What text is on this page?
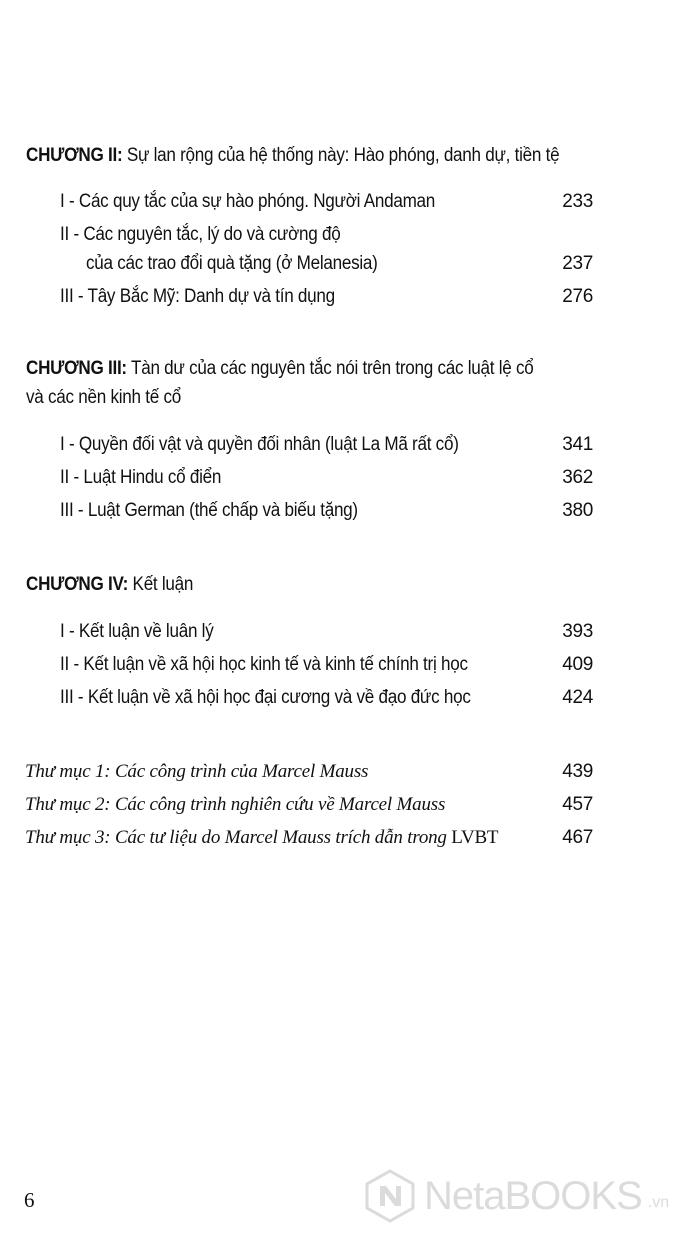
CHƯƠNG II: Sự lan rộng của hệ thống này: Hào phóng, danh dự, tiền tệ
I - Các quy tắc của sự hào phóng. Người Andaman	233
II - Các nguyên tắc, lý do và cường độ
của các trao đổi quà tặng (ở Melanesia)	237
III - Tây Bắc Mỹ: Danh dự và tín dụng	276
CHƯƠNG III: Tàn dư của các nguyên tắc nói trên trong các luật lệ cổ
và các nền kinh tế cổ
I - Quyền đối vật và quyền đối nhân (luật La Mã rất cổ)	341
II - Luật Hindu cổ điển	362
III - Luật German (thế chấp và biếu tặng)	380
CHƯƠNG IV: Kết luận
I - Kết luận về luân lý	393
II - Kết luận về xã hội học kinh tế và kinh tế chính trị học	409
III - Kết luận về xã hội học đại cương và về đạo đức học	424
Thư mục 1: Các công trình của Marcel Mauss	439
Thư mục 2: Các công trình nghiên cứu về Marcel Mauss	457
Thư mục 3: Các tư liệu do Marcel Mauss trích dẫn trong LVBT	467
6	NetaBOOKS .vn
